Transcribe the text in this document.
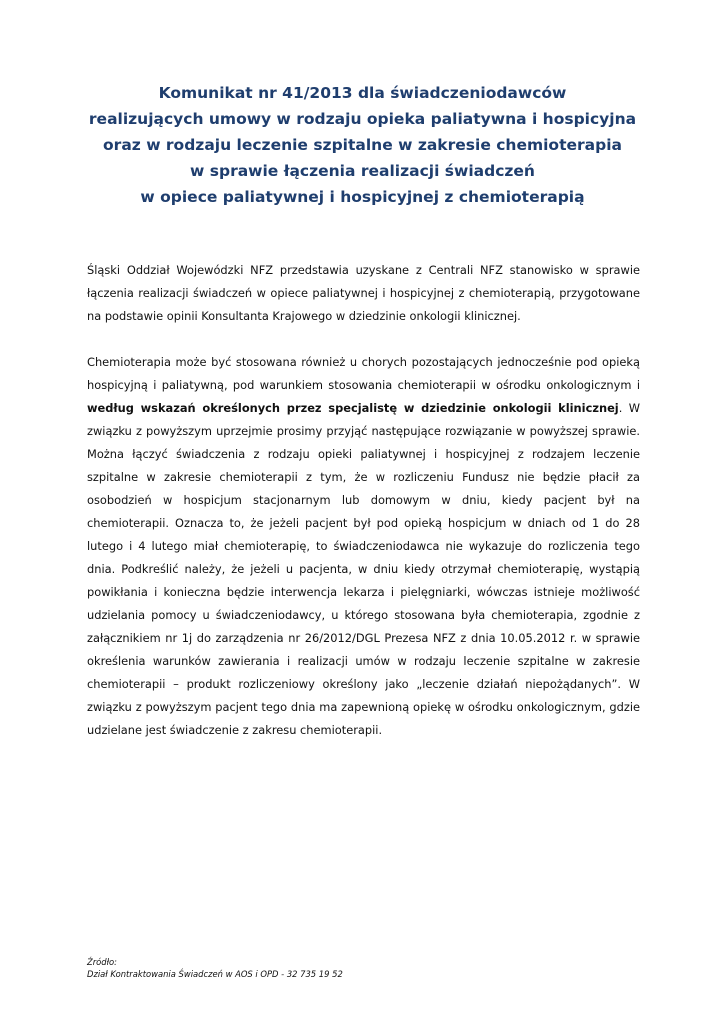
Komunikat nr 41/2013 dla świadczeniodawców
realizujących umowy w rodzaju opieka paliatywna i hospicyjna
oraz w rodzaju leczenie szpitalne w zakresie chemioterapia
w sprawie łączenia realizacji świadczeń
w opiece paliatywnej i hospicyjnej z chemioterapią

Śląski Oddział Wojewódzki NFZ przedstawia uzyskane z Centrali NFZ stanowisko w sprawie łączenia realizacji świadczeń w opiece paliatywnej i hospicyjnej z chemioterapią, przygotowane na podstawie opinii Konsultanta Krajowego w dziedzinie onkologii klinicznej.

Chemioterapia może być stosowana również u chorych pozostających jednocześnie pod opieką hospicyjną i paliatywną, pod warunkiem stosowania chemioterapii w ośrodku onkologicznym i według wskazań określonych przez specjalistę w dziedzinie onkologii klinicznej. W związku z powyższym uprzejmie prosimy przyjąć następujące rozwiązanie w powyższej sprawie. Można łączyć świadczenia z rodzaju opieki paliatywnej i hospicyjnej z rodzajem leczenie szpitalne w zakresie chemioterapii z tym, że w rozliczeniu Fundusz nie będzie płacił za osobodzień w hospicjum stacjonarnym lub domowym w dniu, kiedy pacjent był na chemioterapii. Oznacza to, że jeżeli pacjent był pod opieką hospicjum w dniach od 1 do 28 lutego i 4 lutego miał chemioterapię, to świadczeniodawca nie wykazuje do rozliczenia tego dnia. Podkreślić należy, że jeżeli u pacjenta, w dniu kiedy otrzymał chemioterapię, wystąpią powikłania i konieczna będzie interwencja lekarza i pielęgniarki, wówczas istnieje możliwość udzielania pomocy u świadczeniodawcy, u którego stosowana była chemioterapia, zgodnie z załącznikiem nr 1j do zarządzenia nr 26/2012/DGL Prezesa NFZ z dnia 10.05.2012 r. w sprawie określenia warunków zawierania i realizacji umów w rodzaju leczenie szpitalne w zakresie chemioterapii – produkt rozliczeniowy określony jako „leczenie działań niepożądanych”. W związku z powyższym pacjent tego dnia ma zapewnioną opiekę w ośrodku onkologicznym, gdzie udzielane jest świadczenie z zakresu chemioterapii.

Źródło:
Dział Kontraktowania Świadczeń w AOS i OPD - 32 735 19 52
